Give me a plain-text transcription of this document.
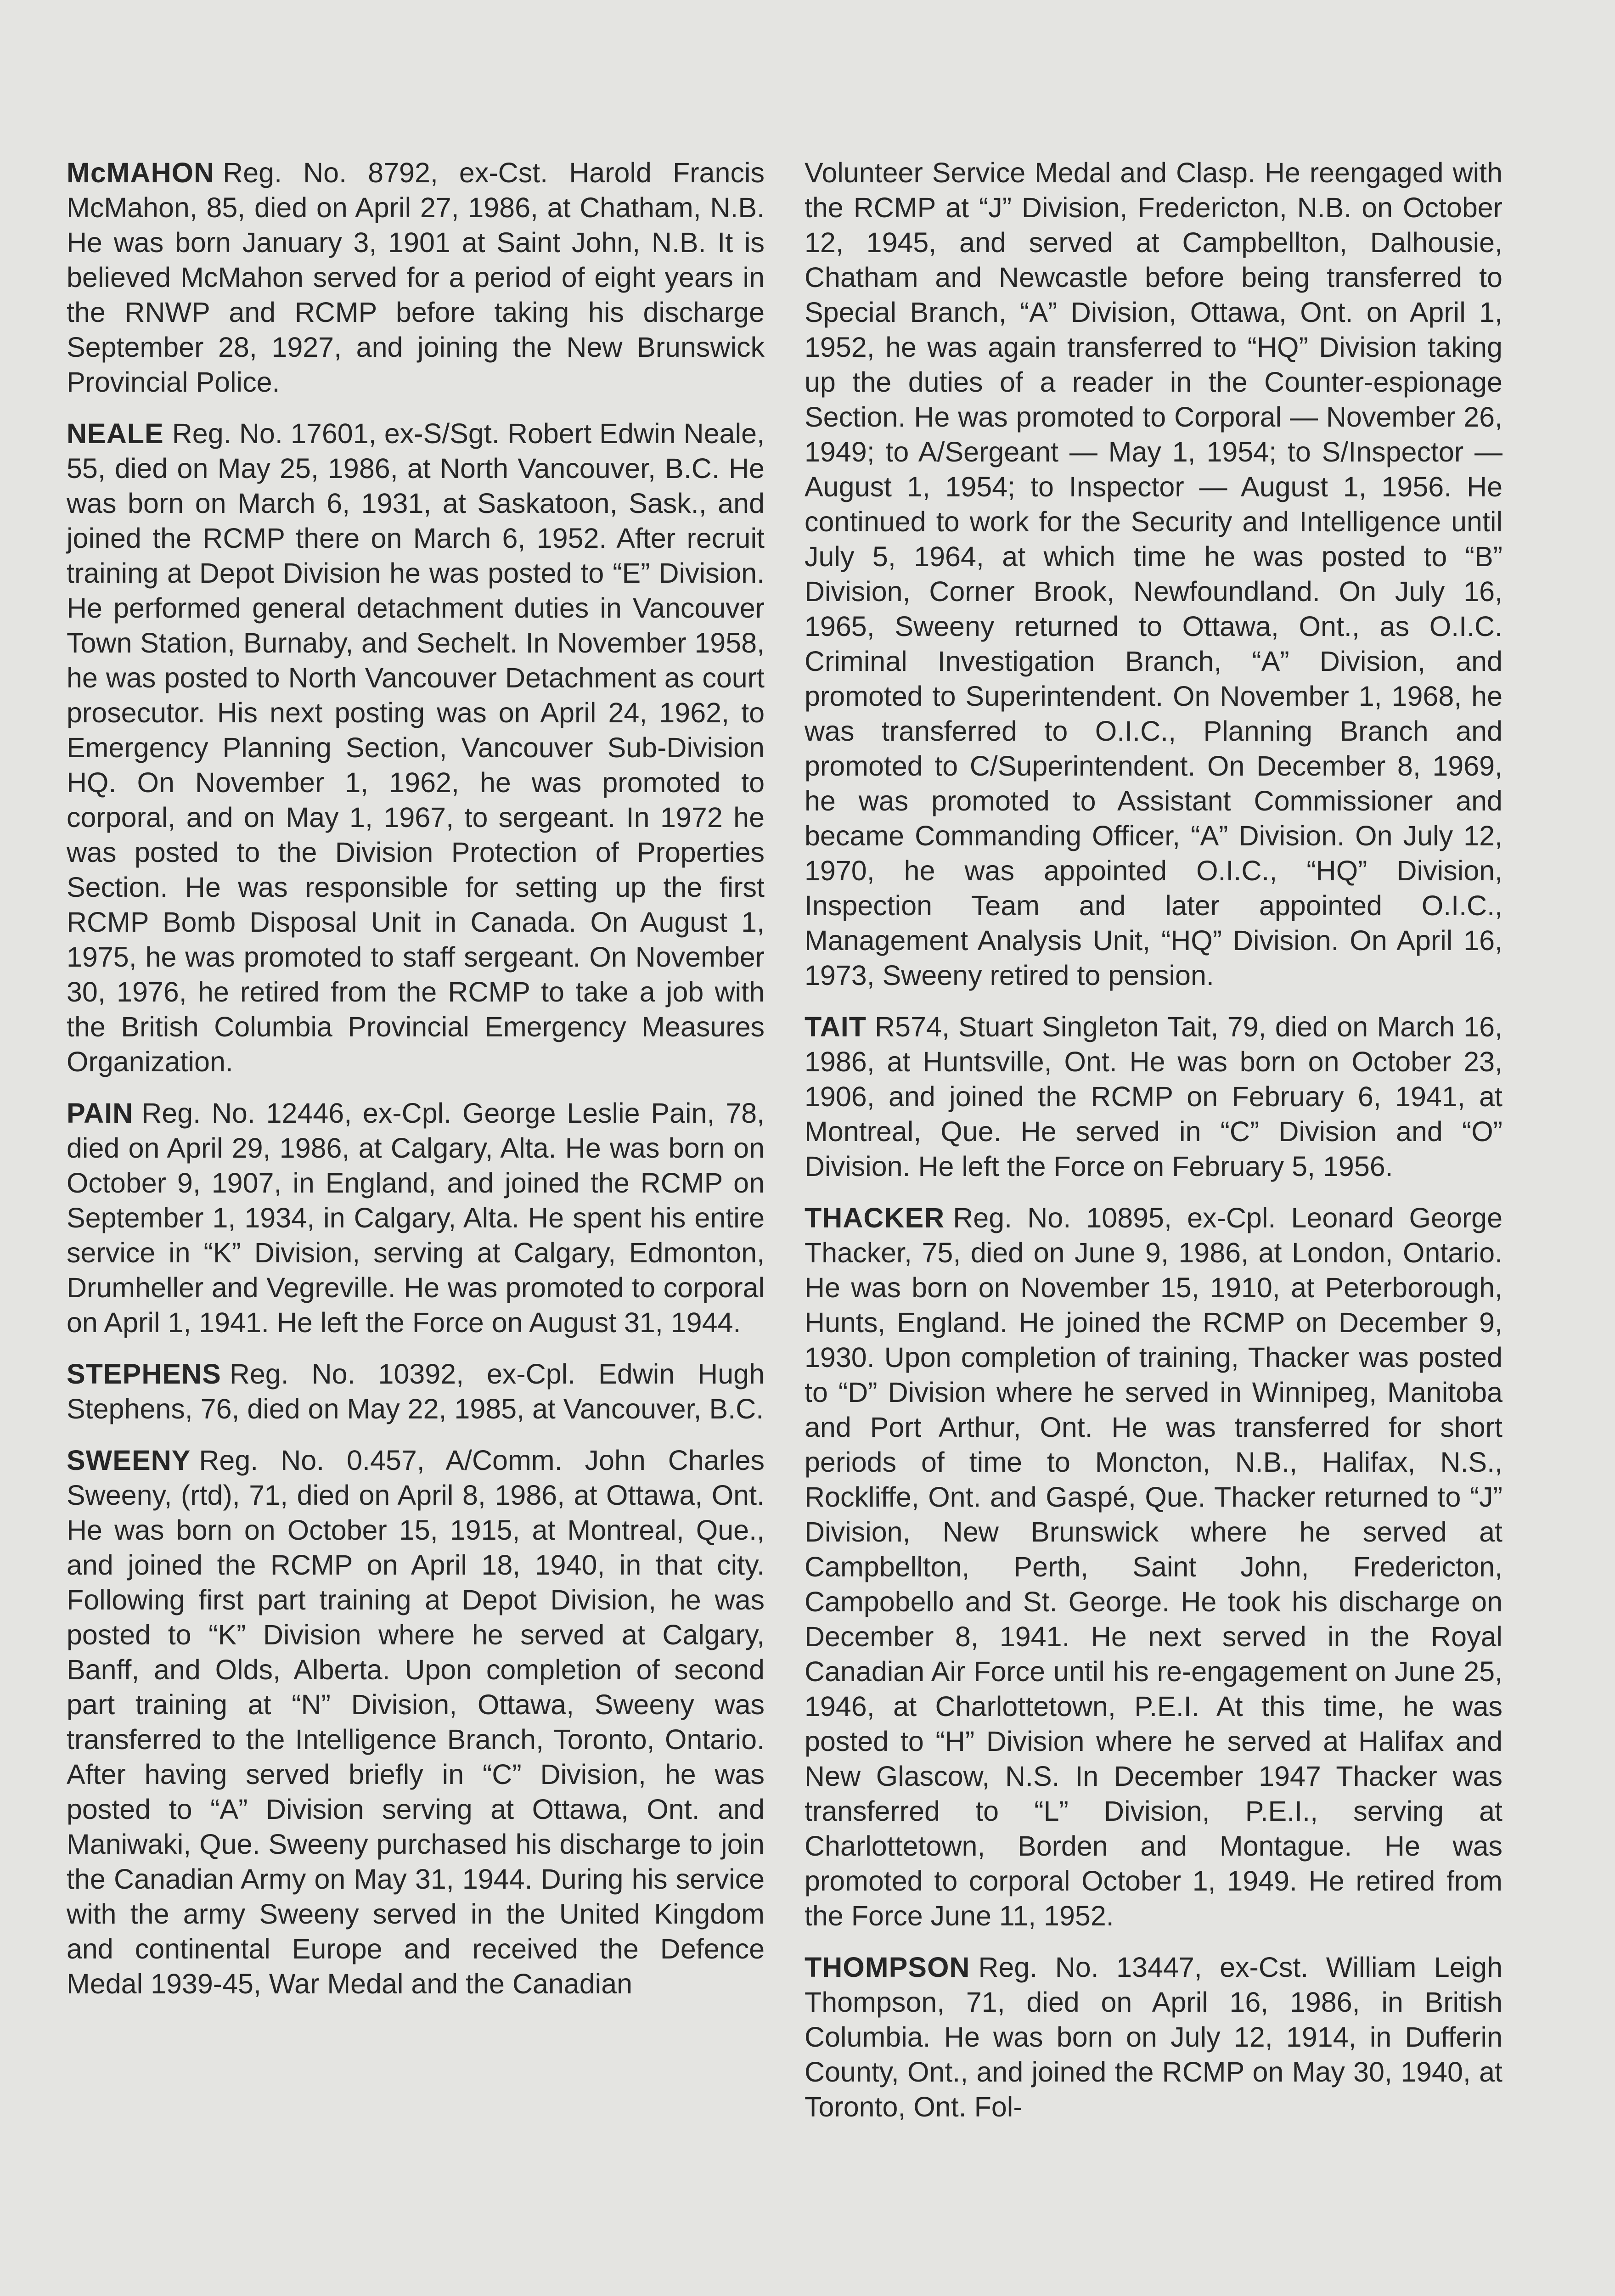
McMAHON Reg. No. 8792, ex-Cst. Harold Francis McMahon, 85, died on April 27, 1986, at Chatham, N.B. He was born January 3, 1901 at Saint John, N.B. It is believed McMahon served for a period of eight years in the RNWP and RCMP before taking his discharge September 28, 1927, and joining the New Brunswick Provincial Police.

NEALE Reg. No. 17601, ex-S/Sgt. Robert Edwin Neale, 55, died on May 25, 1986, at North Vancouver, B.C. He was born on March 6, 1931, at Saskatoon, Sask., and joined the RCMP there on March 6, 1952. After recruit training at Depot Division he was posted to “E” Division. He performed general detachment duties in Vancouver Town Station, Burnaby, and Sechelt. In November 1958, he was posted to North Vancouver Detachment as court prosecutor. His next posting was on April 24, 1962, to Emergency Planning Section, Vancouver Sub-Division HQ. On November 1, 1962, he was promoted to corporal, and on May 1, 1967, to sergeant. In 1972 he was posted to the Division Protection of Properties Section. He was responsible for setting up the first RCMP Bomb Disposal Unit in Canada. On August 1, 1975, he was promoted to staff sergeant. On November 30, 1976, he retired from the RCMP to take a job with the British Columbia Provincial Emergency Measures Organization.

PAIN Reg. No. 12446, ex-Cpl. George Leslie Pain, 78, died on April 29, 1986, at Calgary, Alta. He was born on October 9, 1907, in England, and joined the RCMP on September 1, 1934, in Calgary, Alta. He spent his entire service in “K” Division, serving at Calgary, Edmonton, Drumheller and Vegreville. He was promoted to corporal on April 1, 1941. He left the Force on August 31, 1944.

STEPHENS Reg. No. 10392, ex-Cpl. Edwin Hugh Stephens, 76, died on May 22, 1985, at Vancouver, B.C.

SWEENY Reg. No. 0.457, A/Comm. John Charles Sweeny, (rtd), 71, died on April 8, 1986, at Ottawa, Ont. He was born on October 15, 1915, at Montreal, Que., and joined the RCMP on April 18, 1940, in that city. Following first part training at Depot Division, he was posted to “K” Division where he served at Calgary, Banff, and Olds, Alberta. Upon completion of second part training at “N” Division, Ottawa, Sweeny was transferred to the Intelligence Branch, Toronto, Ontario. After having served briefly in “C” Division, he was posted to “A” Division serving at Ottawa, Ont. and Maniwaki, Que. Sweeny purchased his discharge to join the Canadian Army on May 31, 1944. During his service with the army Sweeny served in the United Kingdom and continental Europe and received the Defence Medal 1939-45, War Medal and the Canadian

Volunteer Service Medal and Clasp. He reengaged with the RCMP at “J” Division, Fredericton, N.B. on October 12, 1945, and served at Campbellton, Dalhousie, Chatham and Newcastle before being transferred to Special Branch, “A” Division, Ottawa, Ont. on April 1, 1952, he was again transferred to “HQ” Division taking up the duties of a reader in the Counter-espionage Section. He was promoted to Corporal — November 26, 1949; to A/Sergeant — May 1, 1954; to S/Inspector — August 1, 1954; to Inspector — August 1, 1956. He continued to work for the Security and Intelligence until July 5, 1964, at which time he was posted to “B” Division, Corner Brook, Newfoundland. On July 16, 1965, Sweeny returned to Ottawa, Ont., as O.I.C. Criminal Investigation Branch, “A” Division, and promoted to Superintendent. On November 1, 1968, he was transferred to O.I.C., Planning Branch and promoted to C/Superintendent. On December 8, 1969, he was promoted to Assistant Commissioner and became Commanding Officer, “A” Division. On July 12, 1970, he was appointed O.I.C., “HQ” Division, Inspection Team and later appointed O.I.C., Management Analysis Unit, “HQ” Division. On April 16, 1973, Sweeny retired to pension.

TAIT R574, Stuart Singleton Tait, 79, died on March 16, 1986, at Huntsville, Ont. He was born on October 23, 1906, and joined the RCMP on February 6, 1941, at Montreal, Que. He served in “C” Division and “O” Division. He left the Force on February 5, 1956.

THACKER Reg. No. 10895, ex-Cpl. Leonard George Thacker, 75, died on June 9, 1986, at London, Ontario. He was born on November 15, 1910, at Peterborough, Hunts, England. He joined the RCMP on December 9, 1930. Upon completion of training, Thacker was posted to “D” Division where he served in Winnipeg, Manitoba and Port Arthur, Ont. He was transferred for short periods of time to Moncton, N.B., Halifax, N.S., Rockliffe, Ont. and Gaspé, Que. Thacker returned to “J” Division, New Brunswick where he served at Campbellton, Perth, Saint John, Fredericton, Campobello and St. George. He took his discharge on December 8, 1941. He next served in the Royal Canadian Air Force until his re-engagement on June 25, 1946, at Charlottetown, P.E.I. At this time, he was posted to “H” Division where he served at Halifax and New Glascow, N.S. In December 1947 Thacker was transferred to “L” Division, P.E.I., serving at Charlottetown, Borden and Montague. He was promoted to corporal October 1, 1949. He retired from the Force June 11, 1952.

THOMPSON Reg. No. 13447, ex-Cst. William Leigh Thompson, 71, died on April 16, 1986, in British Columbia. He was born on July 12, 1914, in Dufferin County, Ont., and joined the RCMP on May 30, 1940, at Toronto, Ont. Fol-
